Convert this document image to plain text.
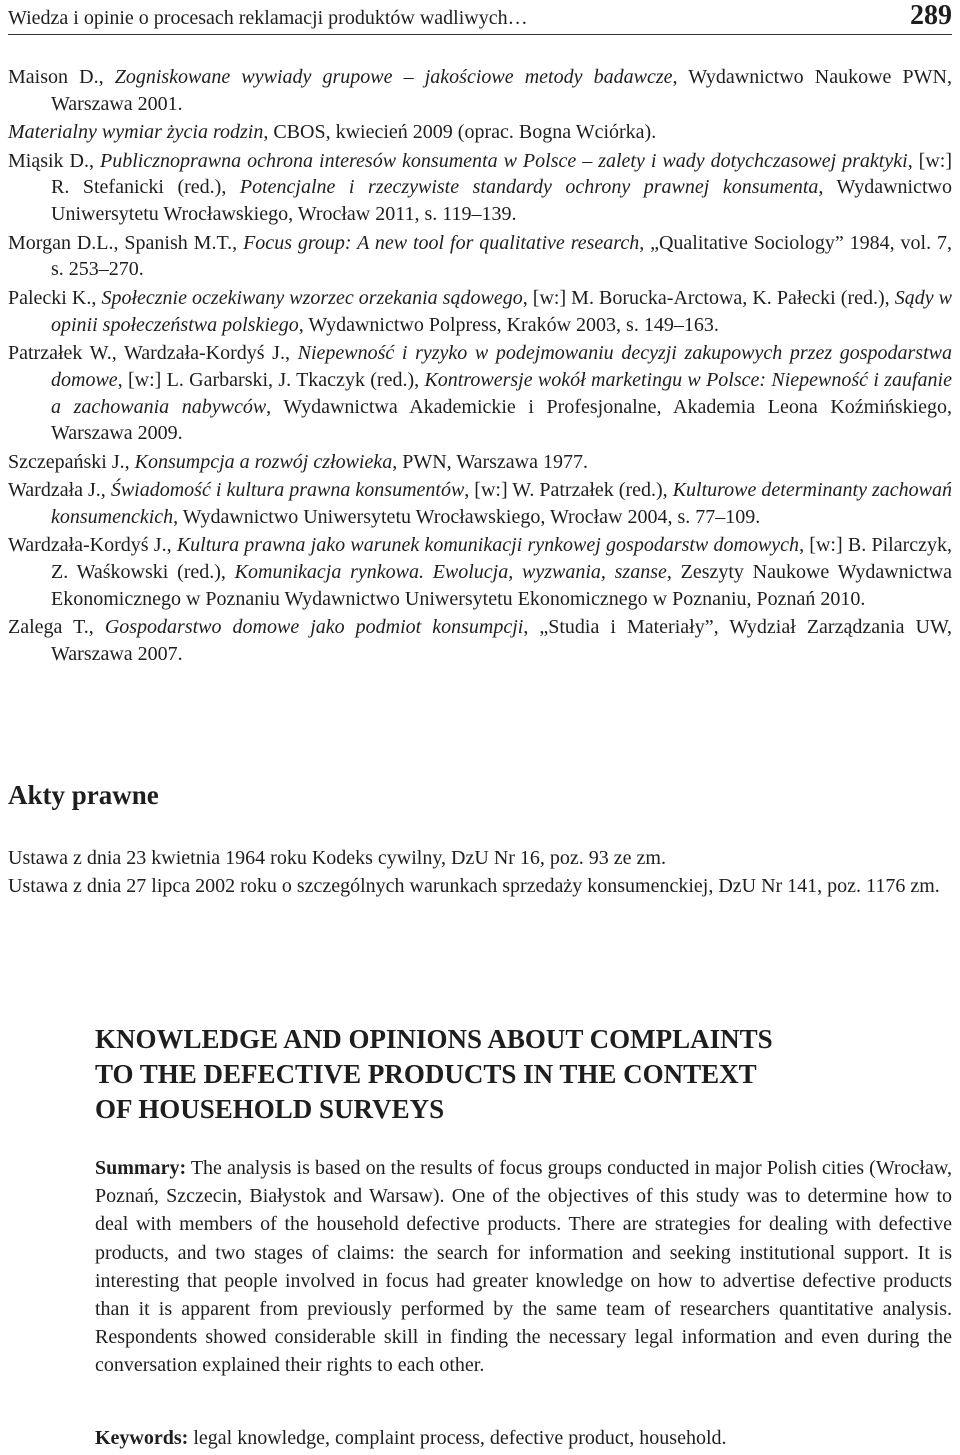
Wiedza i opinie o procesach reklamacji produktów wadliwych…	289

Maison D., Zogniskowane wywiady grupowe – jakościowe metody badawcze, Wydawnictwo Naukowe PWN, Warszawa 2001.

Materialny wymiar życia rodzin, CBOS, kwiecień 2009 (oprac. Bogna Wciórka).

Miąsik D., Publicznoprawna ochrona interesów konsumenta w Polsce – zalety i wady dotychczasowej praktyki, [w:] R. Stefanicki (red.), Potencjalne i rzeczywiste standardy ochrony prawnej konsumenta, Wydawnictwo Uniwersytetu Wrocławskiego, Wrocław 2011, s. 119–139.

Morgan D.L., Spanish M.T., Focus group: A new tool for qualitative research, „Qualitative Sociology” 1984, vol. 7, s. 253–270.

Palecki K., Społecznie oczekiwany wzorzec orzekania sądowego, [w:] M. Borucka-Arctowa, K. Pałecki (red.), Sądy w opinii społeczeństwa polskiego, Wydawnictwo Polpress, Kraków 2003, s. 149–163.

Patrzałek W., Wardzała-Kordyś J., Niepewność i ryzyko w podejmowaniu decyzji zakupowych przez gospodarstwa domowe, [w:] L. Garbarski, J. Tkaczyk (red.), Kontrowersje wokół marketingu w Polsce: Niepewność i zaufanie a zachowania nabywców, Wydawnictwa Akademickie i Profesjonalne, Akademia Leona Koźmińskiego, Warszawa 2009.

Szczepański J., Konsumpcja a rozwój człowieka, PWN, Warszawa 1977.

Wardzała J., Świadomość i kultura prawna konsumentów, [w:] W. Patrzałek (red.), Kulturowe determinanty zachowań konsumenckich, Wydawnictwo Uniwersytetu Wrocławskiego, Wrocław 2004, s. 77–109.

Wardzała-Kordyś J., Kultura prawna jako warunek komunikacji rynkowej gospodarstw domowych, [w:] B. Pilarczyk, Z. Waśkowski (red.), Komunikacja rynkowa. Ewolucja, wyzwania, szanse, Zeszyty Naukowe Wydawnictwa Ekonomicznego w Poznaniu Wydawnictwo Uniwersytetu Ekonomicznego w Poznaniu, Poznań 2010.

Zalega T., Gospodarstwo domowe jako podmiot konsumpcji, „Studia i Materiały”, Wydział Zarządzania UW, Warszawa 2007.

Akty prawne

Ustawa z dnia 23 kwietnia 1964 roku Kodeks cywilny, DzU Nr 16, poz. 93 ze zm.

Ustawa z dnia 27 lipca 2002 roku o szczególnych warunkach sprzedaży konsumenckiej, DzU Nr 141, poz. 1176 zm.

KNOWLEDGE AND OPINIONS ABOUT COMPLAINTS
TO THE DEFECTIVE PRODUCTS IN THE CONTEXT
OF HOUSEHOLD SURVEYS

Summary: The analysis is based on the results of focus groups conducted in major Polish cities (Wrocław, Poznań, Szczecin, Białystok and Warsaw). One of the objectives of this study was to determine how to deal with members of the household defective products. There are strategies for dealing with defective products, and two stages of claims: the search for information and seeking institutional support. It is interesting that people involved in focus had greater knowledge on how to advertise defective products than it is apparent from previously performed by the same team of researchers quantitative analysis. Respondents showed considerable skill in finding the necessary legal information and even during the conversation explained their rights to each other.

Keywords: legal knowledge, complaint process, defective product, household.
